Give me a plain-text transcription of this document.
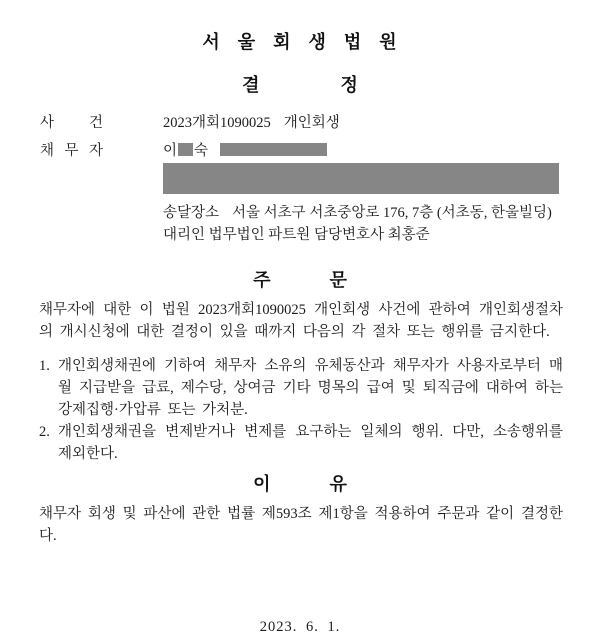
서 울 회 생 법 원
결 정
사 건	2023개회1090025 개인회생
채 무 자	이 숙
송달장소 서울 서초구 서초중앙로 176, 7층 (서초동, 한울빌딩)
대리인 법무법인 파트원 담당변호사 최홍준
주 문
채무자에 대한 이 법원 2023개회1090025 개인회생 사건에 관하여 개인회생절차의 개시신청에 대한 결정이 있을 때까지 다음의 각 절차 또는 행위를 금지한다.
1. 개인회생채권에 기하여 채무자 소유의 유체동산과 채무자가 사용자로부터 매월 지급받을 급료, 제수당, 상여금 기타 명목의 급여 및 퇴직금에 대하여 하는 강제집행·가압류 또는 가처분.
2. 개인회생채권을 변제받거나 변제를 요구하는 일체의 행위. 다만, 소송행위를 제외한다.
이 유
채무자 회생 및 파산에 관한 법률 제593조 제1항을 적용하여 주문과 같이 결정한다.
2023. 6. 1.
